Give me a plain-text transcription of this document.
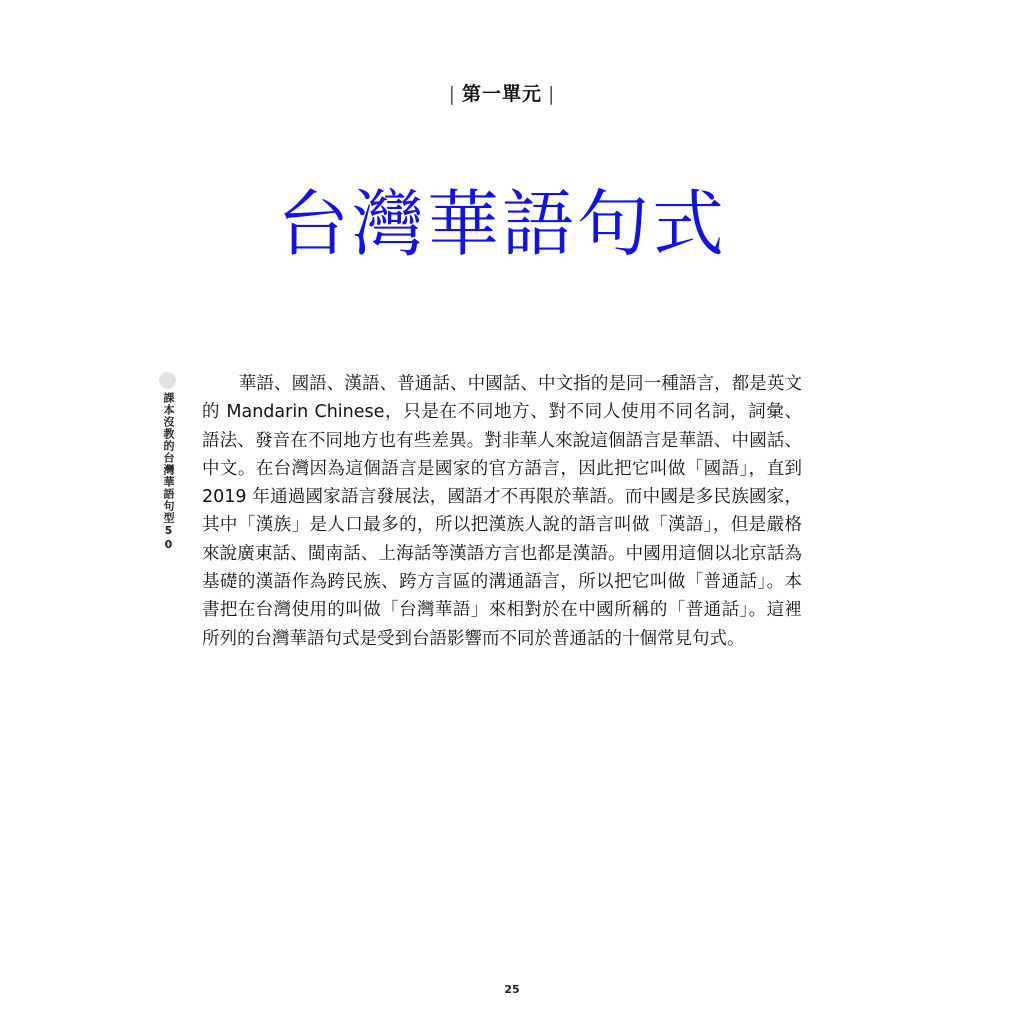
| 第一單元 |
台灣華語句式
課本沒教的台灣華語句型50

華語、國語、漢語、普通話、中國話、中文指的是同一種語言，都是英文的 Mandarin Chinese，只是在不同地方、對不同人使用不同名詞，詞彙、語法、發音在不同地方也有些差異。對非華人來說這個語言是華語、中國話、中文。在台灣因為這個語言是國家的官方語言，因此把它叫做「國語」，直到 2019 年通過國家語言發展法，國語才不再限於華語。而中國是多民族國家，其中「漢族」是人口最多的，所以把漢族人說的語言叫做「漢語」，但是嚴格來說廣東話、閩南話、上海話等漢語方言也都是漢語。中國用這個以北京話為基礎的漢語作為跨民族、跨方言區的溝通語言，所以把它叫做「普通話」。本書把在台灣使用的叫做「台灣華語」來相對於在中國所稱的「普通話」。這裡所列的台灣華語句式是受到台語影響而不同於普通話的十個常見句式。

25
